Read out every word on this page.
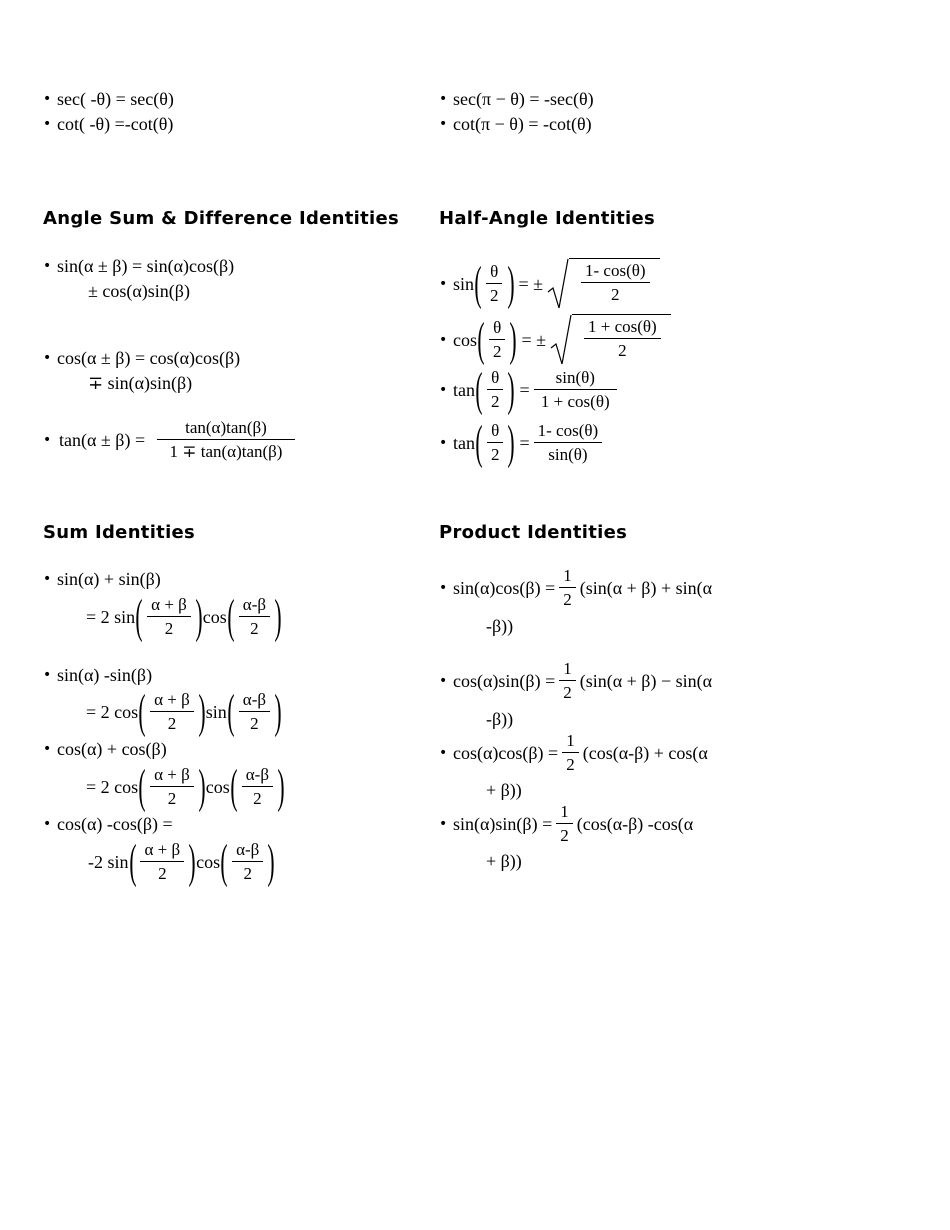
• sec( -θ) = sec(θ)
• cot( -θ) =-cot(θ)
• sec(π − θ) = -sec(θ)
• cot(π − θ) = -cot(θ)
Angle Sum & Difference Identities
• sin(α ± β) = sin(α)cos(β)
± cos(α)sin(β)
• cos(α ± β) = cos(α)cos(β)
∓ sin(α)sin(β)
• $\tan(\alpha \pm \beta) = \frac{\tan(\alpha)\tan(\beta)}{1 \mp \tan(\alpha)\tan(\beta)}$
Half-Angle Identities
• sin ( $\frac{\theta}{2}$ ) = ± $\frac{1- \cos(\theta)}{2}$
• cos ( $\frac{\theta}{2}$ ) = ± $\frac{1 + \cos(\theta)}{2}$
• tan ( $\frac{\theta}{2}$ ) = $\frac{\sin(\theta)}{1 + \cos(\theta)}$
• tan ( $\frac{\theta}{2}$ ) = $\frac{1- \cos(\theta)}{\sin(\theta)}$
Sum Identities
• sin(α) + sin(β)
= 2 sin ( $\frac{\alpha + \beta}{2}$ ) cos ( $\frac{\alpha-\beta}{2}$ )
• sin(α) -sin(β)
= 2 cos ( $\frac{\alpha + \beta}{2}$ ) sin ( $\frac{\alpha-\beta}{2}$ )
• cos(α) + cos(β)
= 2 cos ( $\frac{\alpha + \beta}{2}$ ) cos ( $\frac{\alpha-\beta}{2}$ )
• cos(α) -cos(β) =
-2 sin ( $\frac{\alpha + \beta}{2}$ ) cos ( $\frac{\alpha-\beta}{2}$ )
Product Identities
• $\sin(\alpha)\cos(\beta) = \frac{1}{2} (\sin(\alpha + \beta) + \sin(\alpha$
-β))
• $\cos(\alpha)\sin(\beta) = \frac{1}{2} (\sin(\alpha + \beta) - \sin(\alpha$
-β))
• $\cos(\alpha)\cos(\beta) = \frac{1}{2} (\cos(\alpha-\beta) + \cos(\alpha$
+ β))
• $\sin(\alpha)\sin(\beta) = \frac{1}{2} (\cos(\alpha-\beta)$ -cos(α
+ β))
